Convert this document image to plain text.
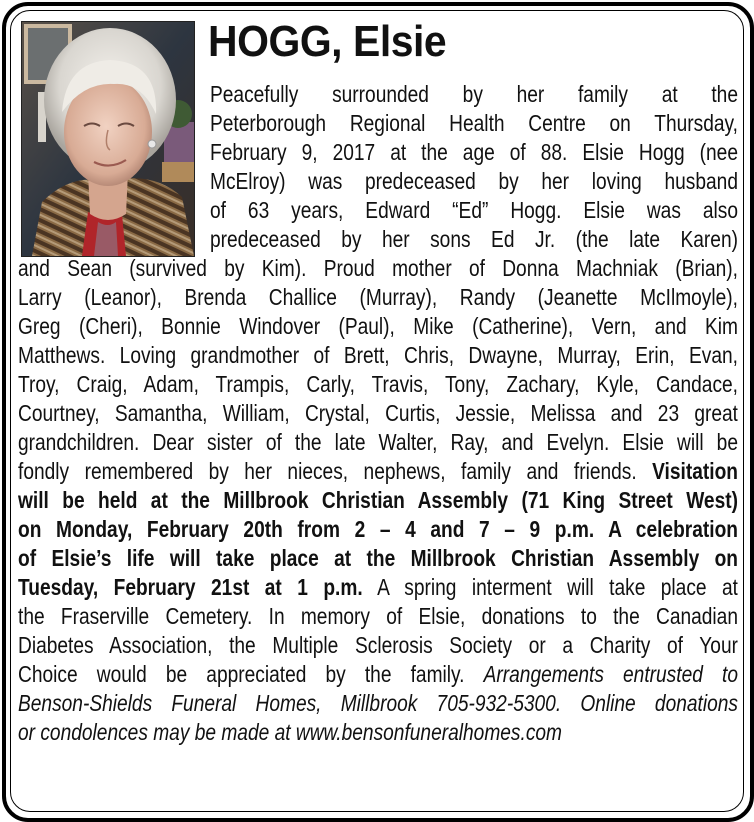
HOGG, Elsie
Peacefully surrounded by her family at the
Peterborough Regional Health Centre on Thursday,
February 9, 2017 at the age of 88. Elsie Hogg (nee
McElroy) was predeceased by her loving husband
of 63 years, Edward “Ed” Hogg. Elsie was also
predeceased by her sons Ed Jr. (the late Karen)
and Sean (survived by Kim). Proud mother of Donna Machniak (Brian),
Larry (Leanor), Brenda Challice (Murray), Randy (Jeanette McIlmoyle),
Greg (Cheri), Bonnie Windover (Paul), Mike (Catherine), Vern, and Kim
Matthews. Loving grandmother of Brett, Chris, Dwayne, Murray, Erin, Evan,
Troy, Craig, Adam, Trampis, Carly, Travis, Tony, Zachary, Kyle, Candace,
Courtney, Samantha, William, Crystal, Curtis, Jessie, Melissa and 23 great
grandchildren. Dear sister of the late Walter, Ray, and Evelyn. Elsie will be
fondly remembered by her nieces, nephews, family and friends. Visitation
will be held at the Millbrook Christian Assembly (71 King Street West)
on Monday, February 20th from 2 – 4 and 7 – 9 p.m. A celebration
of Elsie’s life will take place at the Millbrook Christian Assembly on
Tuesday, February 21st at 1 p.m. A spring interment will take place at
the Fraserville Cemetery. In memory of Elsie, donations to the Canadian
Diabetes Association, the Multiple Sclerosis Society or a Charity of Your
Choice would be appreciated by the family. Arrangements entrusted to
Benson-Shields Funeral Homes, Millbrook 705-932-5300. Online donations
or condolences may be made at www.bensonfuneralhomes.com
